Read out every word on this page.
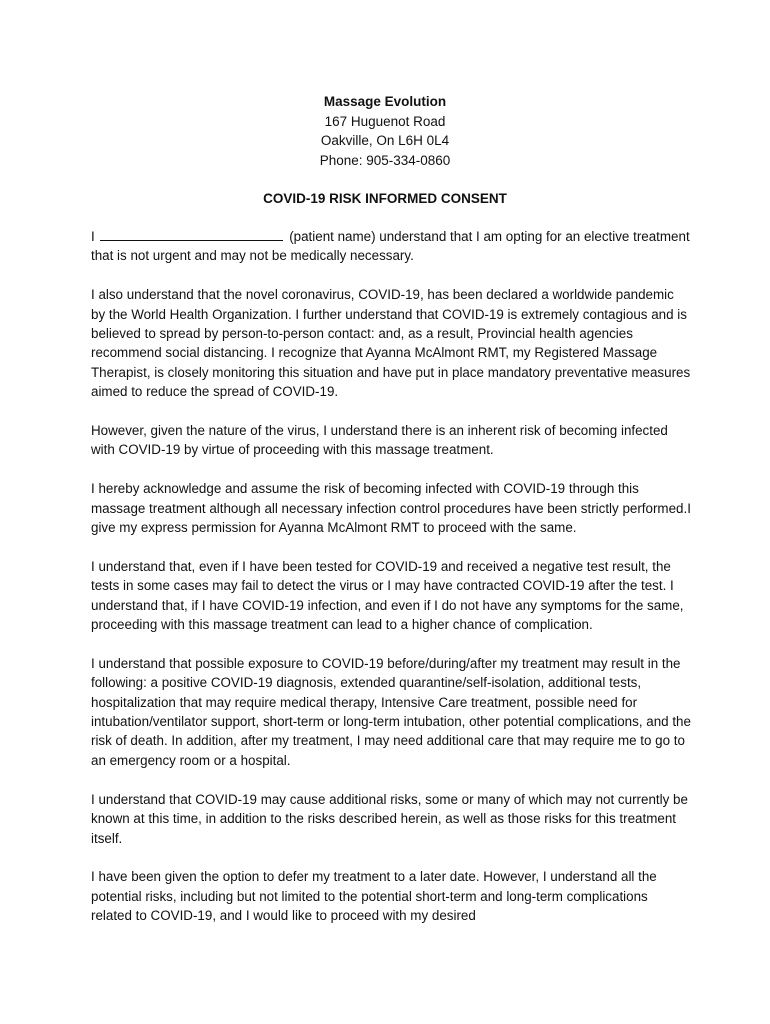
Massage Evolution
167 Huguenot Road
Oakville, On L6H 0L4
Phone: 905-334-0860
COVID-19 RISK INFORMED CONSENT

I	(patient name) understand that I am opting for an elective treatment that is not urgent and may not be medically necessary.

I also understand that the novel coronavirus, COVID-19, has been declared a worldwide pandemic by the World Health Organization. I further understand that COVID-19 is extremely contagious and is believed to spread by person-to-person contact: and, as a result, Provincial health agencies recommend social distancing. I recognize that Ayanna McAlmont RMT, my Registered Massage Therapist, is closely monitoring this situation and have put in place mandatory preventative measures aimed to reduce the spread of COVID-19.

However, given the nature of the virus, I understand there is an inherent risk of becoming infected with COVID-19 by virtue of proceeding with this massage treatment.

I hereby acknowledge and assume the risk of becoming infected with COVID-19 through this massage treatment although all necessary infection control procedures have been strictly performed.I give my express permission for Ayanna McAlmont RMT to proceed with the same.

I understand that, even if I have been tested for COVID-19 and received a negative test result, the tests in some cases may fail to detect the virus or I may have contracted COVID-19 after the test. I understand that, if I have COVID-19 infection, and even if I do not have any symptoms for the same, proceeding with this massage treatment can lead to a higher chance of complication.

I understand that possible exposure to COVID-19 before/during/after my treatment may result in the following: a positive COVID-19 diagnosis, extended quarantine/self-isolation, additional tests, hospitalization that may require medical therapy, Intensive Care treatment, possible need for intubation/ventilator support, short-term or long-term intubation, other potential complications, and the risk of death. In addition, after my treatment, I may need additional care that may require me to go to an emergency room or a hospital.

I understand that COVID-19 may cause additional risks, some or many of which may not currently be known at this time, in addition to the risks described herein, as well as those risks for this treatment itself.

I have been given the option to defer my treatment to a later date. However, I understand all the potential risks, including but not limited to the potential short-term and long-term complications related to COVID-19, and I would like to proceed with my desired
